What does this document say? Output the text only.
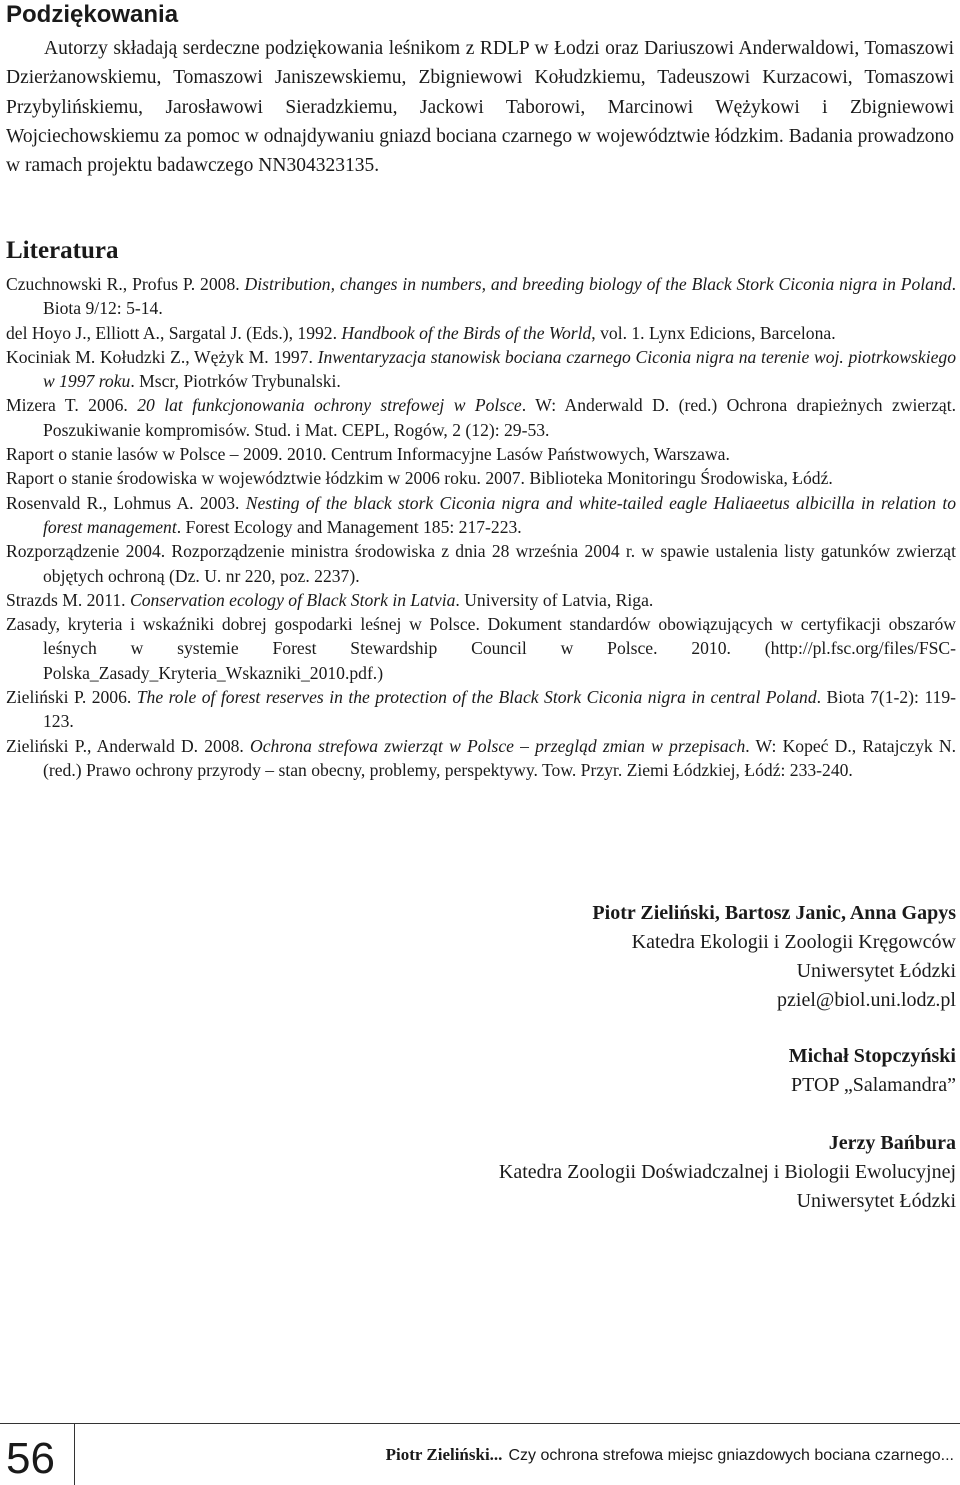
Podziękowania

Autorzy składają serdeczne podziękowania leśnikom z RDLP w Łodzi oraz Dariuszowi Anderwaldowi, Tomaszowi Dzierżanowskiemu, Tomaszowi Janiszewskiemu, Zbigniewowi Kołudzkiemu, Tadeuszowi Kurzacowi, Tomaszowi Przybylińskiemu, Jarosławowi Sieradzkiemu, Jackowi Taborowi, Marcinowi Wężykowi i Zbigniewowi Wojciechowskiemu za pomoc w odnajdywaniu gniazd bociana czarnego w województwie łódzkim. Badania prowadzono w ramach projektu badawczego NN304323135.

Literatura
Czuchnowski R., Profus P. 2008. Distribution, changes in numbers, and breeding biology of the Black Stork Ciconia nigra in Poland. Biota 9/12: 5-14.
del Hoyo J., Elliott A., Sargatal J. (Eds.), 1992. Handbook of the Birds of the World, vol. 1. Lynx Edicions, Barcelona.
Kociniak M. Kołudzki Z., Wężyk M. 1997. Inwentaryzacja stanowisk bociana czarnego Ciconia nigra na terenie woj. piotrkowskiego w 1997 roku. Mscr, Piotrków Trybunalski.
Mizera T. 2006. 20 lat funkcjonowania ochrony strefowej w Polsce. W: Anderwald D. (red.) Ochrona drapieżnych zwierząt. Poszukiwanie kompromisów. Stud. i Mat. CEPL, Rogów, 2 (12): 29-53.
Raport o stanie lasów w Polsce – 2009. 2010. Centrum Informacyjne Lasów Państwowych, Warszawa.
Raport o stanie środowiska w województwie łódzkim w 2006 roku. 2007. Biblioteka Monitoringu Środowiska, Łódź.
Rosenvald R., Lohmus A. 2003. Nesting of the black stork Ciconia nigra and white-tailed eagle Haliaeetus albicilla in relation to forest management. Forest Ecology and Management 185: 217-223.
Rozporządzenie 2004. Rozporządzenie ministra środowiska z dnia 28 września 2004 r. w spawie ustalenia listy gatunków zwierząt objętych ochroną (Dz. U. nr 220, poz. 2237).
Strazds M. 2011. Conservation ecology of Black Stork in Latvia. University of Latvia, Riga.
Zasady, kryteria i wskaźniki dobrej gospodarki leśnej w Polsce. Dokument standardów obowiązujących w certyfikacji obszarów leśnych w systemie Forest Stewardship Council w Polsce. 2010. (http://pl.fsc.org/files/FSC-Polska_Zasady_Kryteria_Wskazniki_2010.pdf.)
Zieliński P. 2006. The role of forest reserves in the protection of the Black Stork Ciconia nigra in central Poland. Biota 7(1-2): 119-123.
Zieliński P., Anderwald D. 2008. Ochrona strefowa zwierząt w Polsce – przegląd zmian w przepisach. W: Kopeć D., Ratajczyk N. (red.) Prawo ochrony przyrody – stan obecny, problemy, perspektywy. Tow. Przyr. Ziemi Łódzkiej, Łódź: 233-240.
Piotr Zieliński, Bartosz Janic, Anna Gapys
Katedra Ekologii i Zoologii Kręgowców
Uniwersytet Łódzki
pziel@biol.uni.lodz.pl
Michał Stopczyński
PTOP „Salamandra”
Jerzy Bańbura
Katedra Zoologii Doświadczalnej i Biologii Ewolucyjnej
Uniwersytet Łódzki
56	Piotr Zieliński... Czy ochrona strefowa miejsc gniazdowych bociana czarnego...
